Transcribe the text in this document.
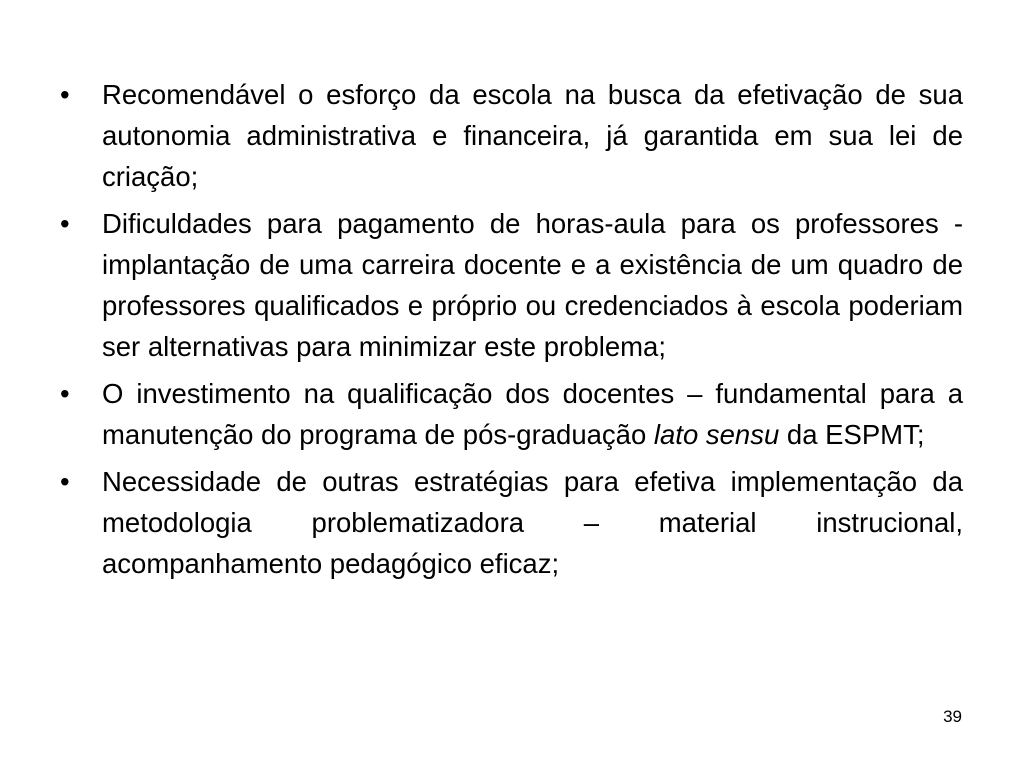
•	Recomendável o esforço da escola na busca da efetivação de sua autonomia administrativa e financeira, já garantida em sua lei de criação;
•	Dificuldades para pagamento de horas-aula para os professores - implantação de uma carreira docente e a existência de um quadro de professores qualificados e próprio ou credenciados à escola poderiam ser alternativas para minimizar este problema;
•	O investimento na qualificação dos docentes – fundamental para a manutenção do programa de pós-graduação lato sensu da ESPMT;
•	Necessidade de outras estratégias para efetiva implementação da metodologia problematizadora – material instrucional, acompanhamento pedagógico eficaz;
39
